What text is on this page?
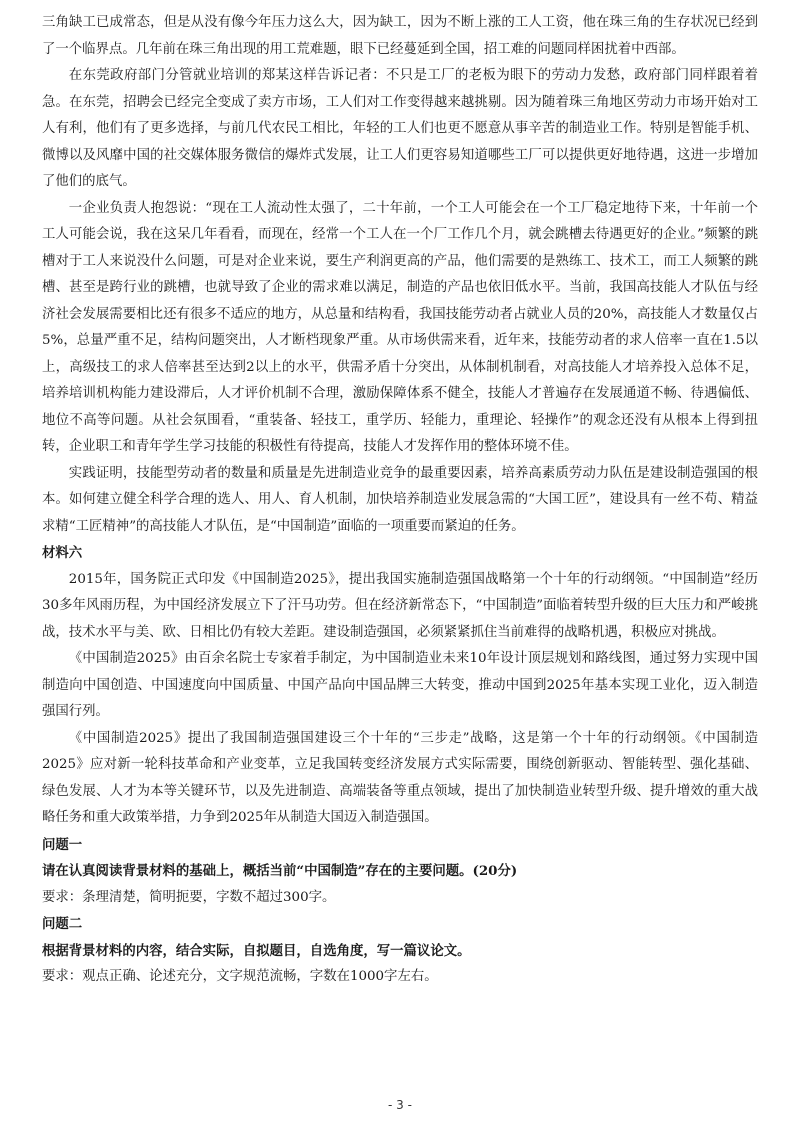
三角缺工已成常态，但是从没有像今年压力这么大，因为缺工，因为不断上涨的工人工资，他在珠三角的生存状况已经到了一个临界点。几年前在珠三角出现的用工荒难题，眼下已经蔓延到全国，招工难的问题同样困扰着中西部。

在东莞政府部门分管就业培训的郑某这样告诉记者：不只是工厂的老板为眼下的劳动力发愁，政府部门同样跟着着急。在东莞，招聘会已经完全变成了卖方市场，工人们对工作变得越来越挑剔。因为随着珠三角地区劳动力市场开始对工人有利，他们有了更多选择，与前几代农民工相比，年轻的工人们也更不愿意从事辛苦的制造业工作。特别是智能手机、微博以及风靡中国的社交媒体服务微信的爆炸式发展，让工人们更容易知道哪些工厂可以提供更好地待遇，这进一步增加了他们的底气。

一企业负责人抱怨说：“现在工人流动性太强了，二十年前，一个工人可能会在一个工厂稳定地待下来，十年前一个工人可能会说，我在这呆几年看看，而现在，经常一个工人在一个厂工作几个月，就会跳槽去待遇更好的企业。”频繁的跳槽对于工人来说没什么问题，可是对企业来说，要生产利润更高的产品，他们需要的是熟练工、技术工，而工人频繁的跳槽、甚至是跨行业的跳槽，也就导致了企业的需求难以满足，制造的产品也依旧低水平。当前，我国高技能人才队伍与经济社会发展需要相比还有很多不适应的地方，从总量和结构看，我国技能劳动者占就业人员的20%，高技能人才数量仅占5%，总量严重不足，结构问题突出，人才断档现象严重。从市场供需来看，近年来，技能劳动者的求人倍率一直在1.5以上，高级技工的求人倍率甚至达到2以上的水平，供需矛盾十分突出，从体制机制看，对高技能人才培养投入总体不足，培养培训机构能力建设滞后，人才评价机制不合理，激励保障体系不健全，技能人才普遍存在发展通道不畅、待遇偏低、地位不高等问题。从社会氛围看，“重装备、轻技工，重学历、轻能力，重理论、轻操作”的观念还没有从根本上得到扭转，企业职工和青年学生学习技能的积极性有待提高，技能人才发挥作用的整体环境不佳。

实践证明，技能型劳动者的数量和质量是先进制造业竞争的最重要因素，培养高素质劳动力队伍是建设制造强国的根本。如何建立健全科学合理的选人、用人、育人机制，加快培养制造业发展急需的“大国工匠”，建设具有一丝不苟、精益求精“工匠精神”的高技能人才队伍，是“中国制造”面临的一项重要而紧迫的任务。

材料六

2015年，国务院正式印发《中国制造2025》，提出我国实施制造强国战略第一个十年的行动纲领。“中国制造”经历30多年风雨历程，为中国经济发展立下了汗马功劳。但在经济新常态下，“中国制造”面临着转型升级的巨大压力和严峻挑战，技术水平与美、欧、日相比仍有较大差距。建设制造强国，必须紧紧抓住当前难得的战略机遇，积极应对挑战。

《中国制造2025》由百余名院士专家着手制定，为中国制造业未来10年设计顶层规划和路线图，通过努力实现中国制造向中国创造、中国速度向中国质量、中国产品向中国品牌三大转变，推动中国到2025年基本实现工业化，迈入制造强国行列。

《中国制造2025》提出了我国制造强国建设三个十年的“三步走”战略，这是第一个十年的行动纲领。《中国制造2025》应对新一轮科技革命和产业变革，立足我国转变经济发展方式实际需要，围绕创新驱动、智能转型、强化基础、绿色发展、人才为本等关键环节，以及先进制造、高端装备等重点领域，提出了加快制造业转型升级、提升增效的重大战略任务和重大政策举措，力争到2025年从制造大国迈入制造强国。

问题一

请在认真阅读背景材料的基础上，概括当前“中国制造”存在的主要问题。(20分)

要求：条理清楚，简明扼要，字数不超过300字。

问题二

根据背景材料的内容，结合实际，自拟题目，自选角度，写一篇议论文。

要求：观点正确、论述充分，文字规范流畅，字数在1000字左右。

- 3 -
